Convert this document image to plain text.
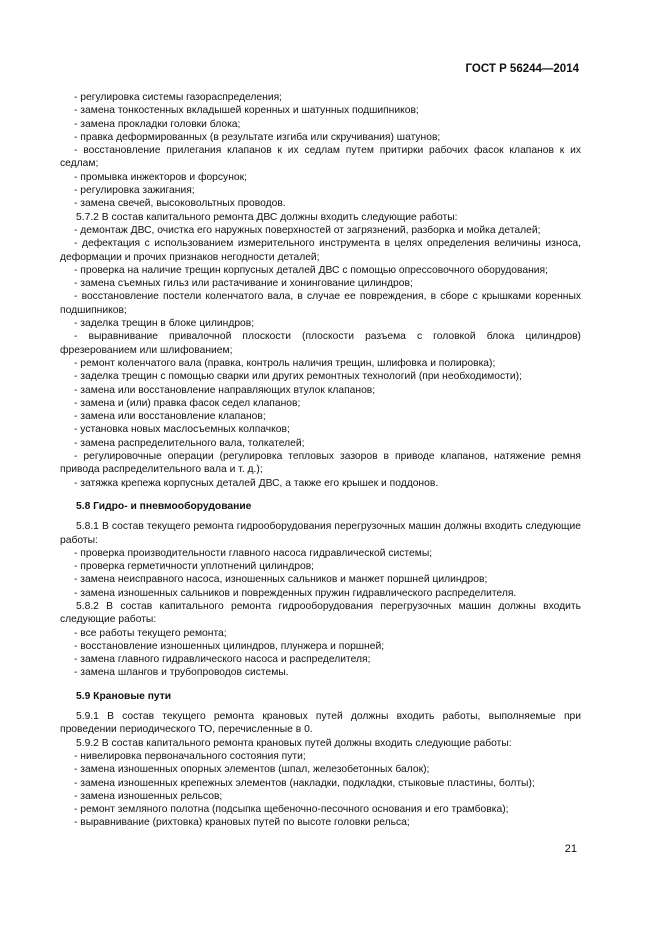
ГОСТ Р 56244—2014

- регулировка системы газораспределения;

- замена тонкостенных вкладышей коренных и шатунных подшипников;

- замена прокладки головки блока;

- правка деформированных (в результате изгиба или скручивания) шатунов;

- восстановление прилегания клапанов к их седлам путем притирки рабочих фасок клапанов к их седлам;

- промывка инжекторов и форсунок;

- регулировка зажигания;

- замена свечей, высоковольтных проводов.

5.7.2 В состав капитального ремонта ДВС должны входить следующие работы:

- демонтаж ДВС, очистка его наружных поверхностей от загрязнений, разборка и мойка деталей;

- дефектация с использованием измерительного инструмента в целях определения величины износа, деформации и прочих признаков негодности деталей;

- проверка на наличие трещин корпусных деталей ДВС с помощью опрессовочного оборудования;

- замена съемных гильз или растачивание и хонингование цилиндров;

- восстановление постели коленчатого вала, в случае ее повреждения, в сборе с крышками коренных подшипников;

- заделка трещин в блоке цилиндров;

- выравнивание привалочной плоскости (плоскости разъема с головкой блока цилиндров) фрезерованием или шлифованием;

- ремонт коленчатого вала (правка, контроль наличия трещин, шлифовка и полировка);

- заделка трещин с помощью сварки или других ремонтных технологий (при необходимости);

- замена или восстановление направляющих втулок клапанов;

- замена и (или) правка фасок седел клапанов;

- замена или восстановление клапанов;

- установка новых маслосъемных колпачков;

- замена распределительного вала, толкателей;

- регулировочные операции (регулировка тепловых зазоров в приводе клапанов, натяжение ремня привода распределительного вала и т. д.);

- затяжка крепежа корпусных деталей ДВС, а также его крышек и поддонов.

5.8 Гидро- и пневмооборудование

5.8.1 В состав текущего ремонта гидрооборудования перегрузочных машин должны входить следующие работы:

- проверка производительности главного насоса гидравлической системы;

- проверка герметичности уплотнений цилиндров;

- замена неисправного насоса, изношенных сальников и манжет поршней цилиндров;

- замена изношенных сальников и поврежденных пружин гидравлического распределителя.

5.8.2 В состав капитального ремонта гидрооборудования перегрузочных машин должны входить следующие работы:

- все работы текущего ремонта;

- восстановление изношенных цилиндров, плунжера и поршней;

- замена главного гидравлического насоса и распределителя;

- замена шлангов и трубопроводов системы.

5.9 Крановые пути

5.9.1 В состав текущего ремонта крановых путей должны входить работы, выполняемые при проведении периодического ТО, перечисленные в 0.

5.9.2 В состав капитального ремонта крановых путей должны входить следующие работы:

- нивелировка первоначального состояния пути;

- замена изношенных опорных элементов (шпал, железобетонных балок);

- замена изношенных крепежных элементов (накладки, подкладки, стыковые пластины, болты);

- замена изношенных рельсов;

- ремонт земляного полотна (подсыпка щебеночно-песочного основания и его трамбовка);

- выравнивание (рихтовка) крановых путей по высоте головки рельса;

21
